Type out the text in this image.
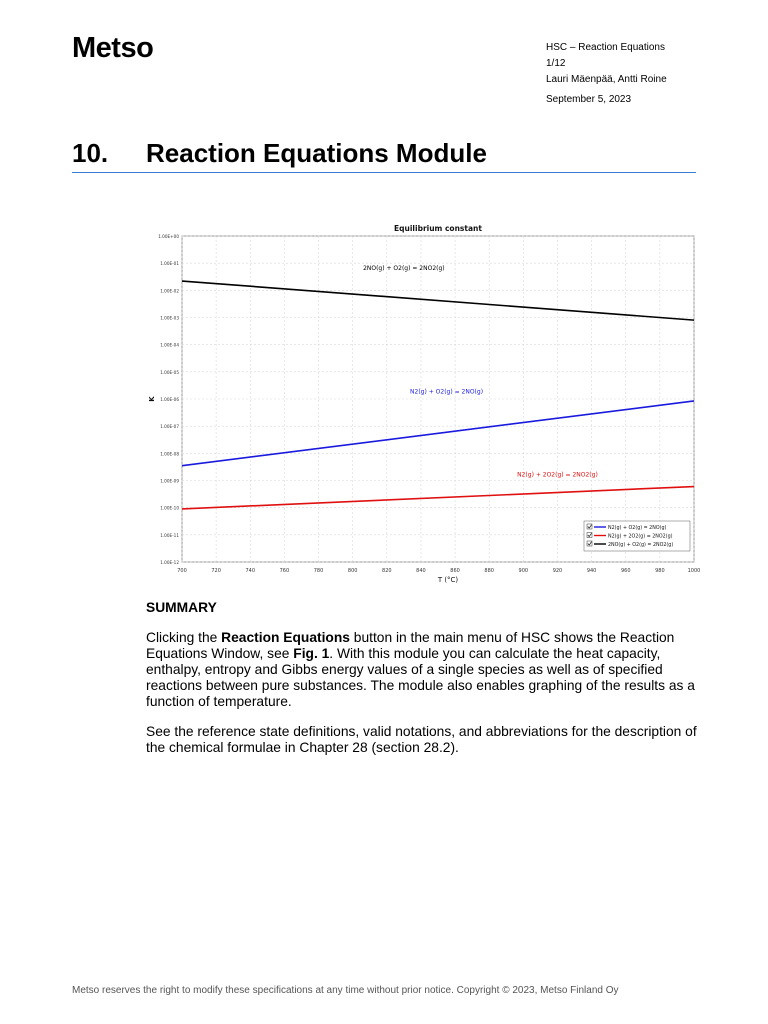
Metso	HSC – Reaction Equations
1/12
Lauri Mäenpää, Antti Roine
September 5, 2023
10. Reaction Equations Module
Equilibrium constant
700	720	740	760	780	800	820	840	860	880	900	920	940	960	980	1000
1.00E+00
1.00E-01
1.00E-02
1.00E-03
1.00E-04
1.00E-05
1.00E-06
1.00E-07
1.00E-08
1.00E-09
1.00E-10
1.00E-11
1.00E-12
T (°C)
K
N2(g) + O2(g) = 2NO(g)
N2(g) + 2O2(g) = 2NO2(g)
2NO(g) + O2(g) = 2NO2(g)
N2(g) + O2(g) = 2NO(g)
N2(g) + 2O2(g) = 2NO2(g)
2NO(g) + O2(g) = 2NO2(g)
SUMMARY

Clicking the Reaction Equations button in the main menu of HSC shows the Reaction Equations Window, see Fig. 1. With this module you can calculate the heat capacity, enthalpy, entropy and Gibbs energy values of a single species as well as of specified reactions between pure substances. The module also enables graphing of the results as a function of temperature.

See the reference state definitions, valid notations, and abbreviations for the description of the chemical formulae in Chapter 28 (section 28.2).

Metso reserves the right to modify these specifications at any time without prior notice. Copyright © 2023, Metso Finland Oy
